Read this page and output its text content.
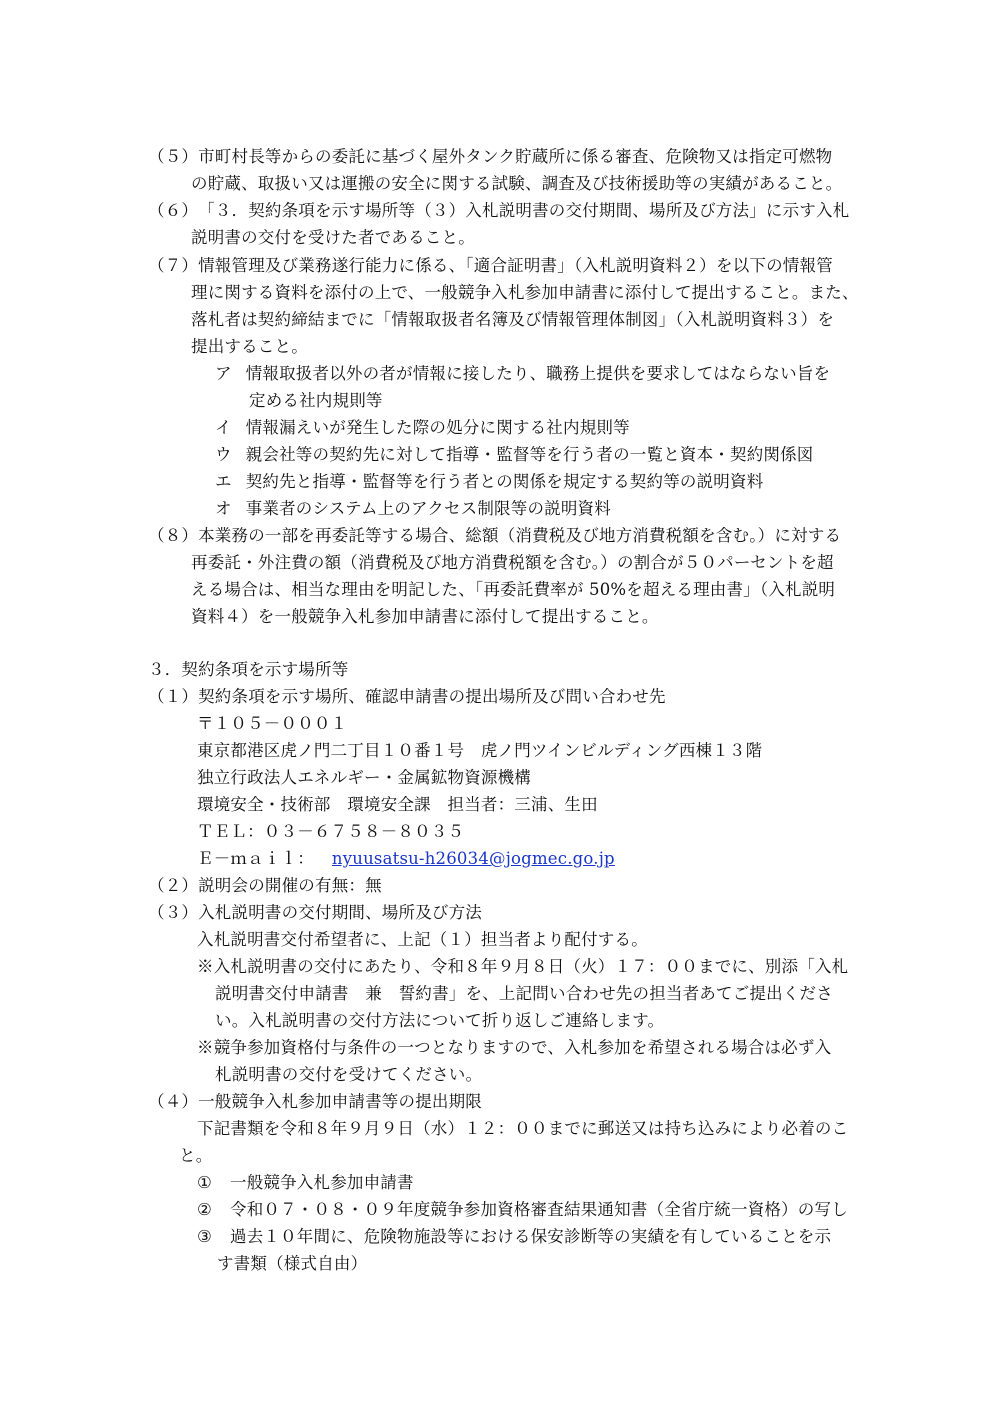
（５）市町村長等からの委託に基づく屋外タンク貯蔵所に係る審査、危険物又は指定可燃物
の貯蔵、取扱い又は運搬の安全に関する試験、調査及び技術援助等の実績があること。
（６）「３．契約条項を示す場所等（３）入札説明書の交付期間、場所及び方法」に示す入札
説明書の交付を受けた者であること。
（７）情報管理及び業務遂行能力に係る、「適合証明書」（入札説明資料２）を以下の情報管
理に関する資料を添付の上で、一般競争入札参加申請書に添付して提出すること。また、
落札者は契約締結までに「情報取扱者名簿及び情報管理体制図」（入札説明資料３）を
提出すること。
ア 情報取扱者以外の者が情報に接したり、職務上提供を要求してはならない旨を
定める社内規則等
イ 情報漏えいが発生した際の処分に関する社内規則等
ウ 親会社等の契約先に対して指導・監督等を行う者の一覧と資本・契約関係図
エ 契約先と指導・監督等を行う者との関係を規定する契約等の説明資料
オ 事業者のシステム上のアクセス制限等の説明資料
（８）本業務の一部を再委託等する場合、総額（消費税及び地方消費税額を含む。）に対する
再委託・外注費の額（消費税及び地方消費税額を含む。）の割合が５０パーセントを超
える場合は、相当な理由を明記した、「再委託費率が 50%を超える理由書」（入札説明
資料４）を一般競争入札参加申請書に添付して提出すること。
３．契約条項を示す場所等
（１）契約条項を示す場所、確認申請書の提出場所及び問い合わせ先
〒１０５－０００１
東京都港区虎ノ門二丁目１０番１号　虎ノ門ツインビルディング西棟１３階
独立行政法人エネルギー・金属鉱物資源機構
環境安全・技術部　環境安全課　担当者：三浦、生田
ＴＥＬ：０３－６７５８－８０３５
Ｅ－ｍａｉｌ： nyuusatsu-h26034@jogmec.go.jp
（２）説明会の開催の有無：無
（３）入札説明書の交付期間、場所及び方法
入札説明書交付希望者に、上記（１）担当者より配付する。
※入札説明書の交付にあたり、令和８年９月８日（火）１７：００までに、別添「入札
説明書交付申請書　兼　誓約書」を、上記問い合わせ先の担当者あてご提出くださ
い。入札説明書の交付方法について折り返しご連絡します。
※競争参加資格付与条件の一つとなりますので、入札参加を希望される場合は必ず入
札説明書の交付を受けてください。
（４）一般競争入札参加申請書等の提出期限
下記書類を令和８年９月９日（水）１２：００までに郵送又は持ち込みにより必着のこ
と。
① 一般競争入札参加申請書
② 令和０７・０８・０９年度競争参加資格審査結果通知書（全省庁統一資格）の写し
③ 過去１０年間に、危険物施設等における保安診断等の実績を有していることを示
す書類（様式自由）
